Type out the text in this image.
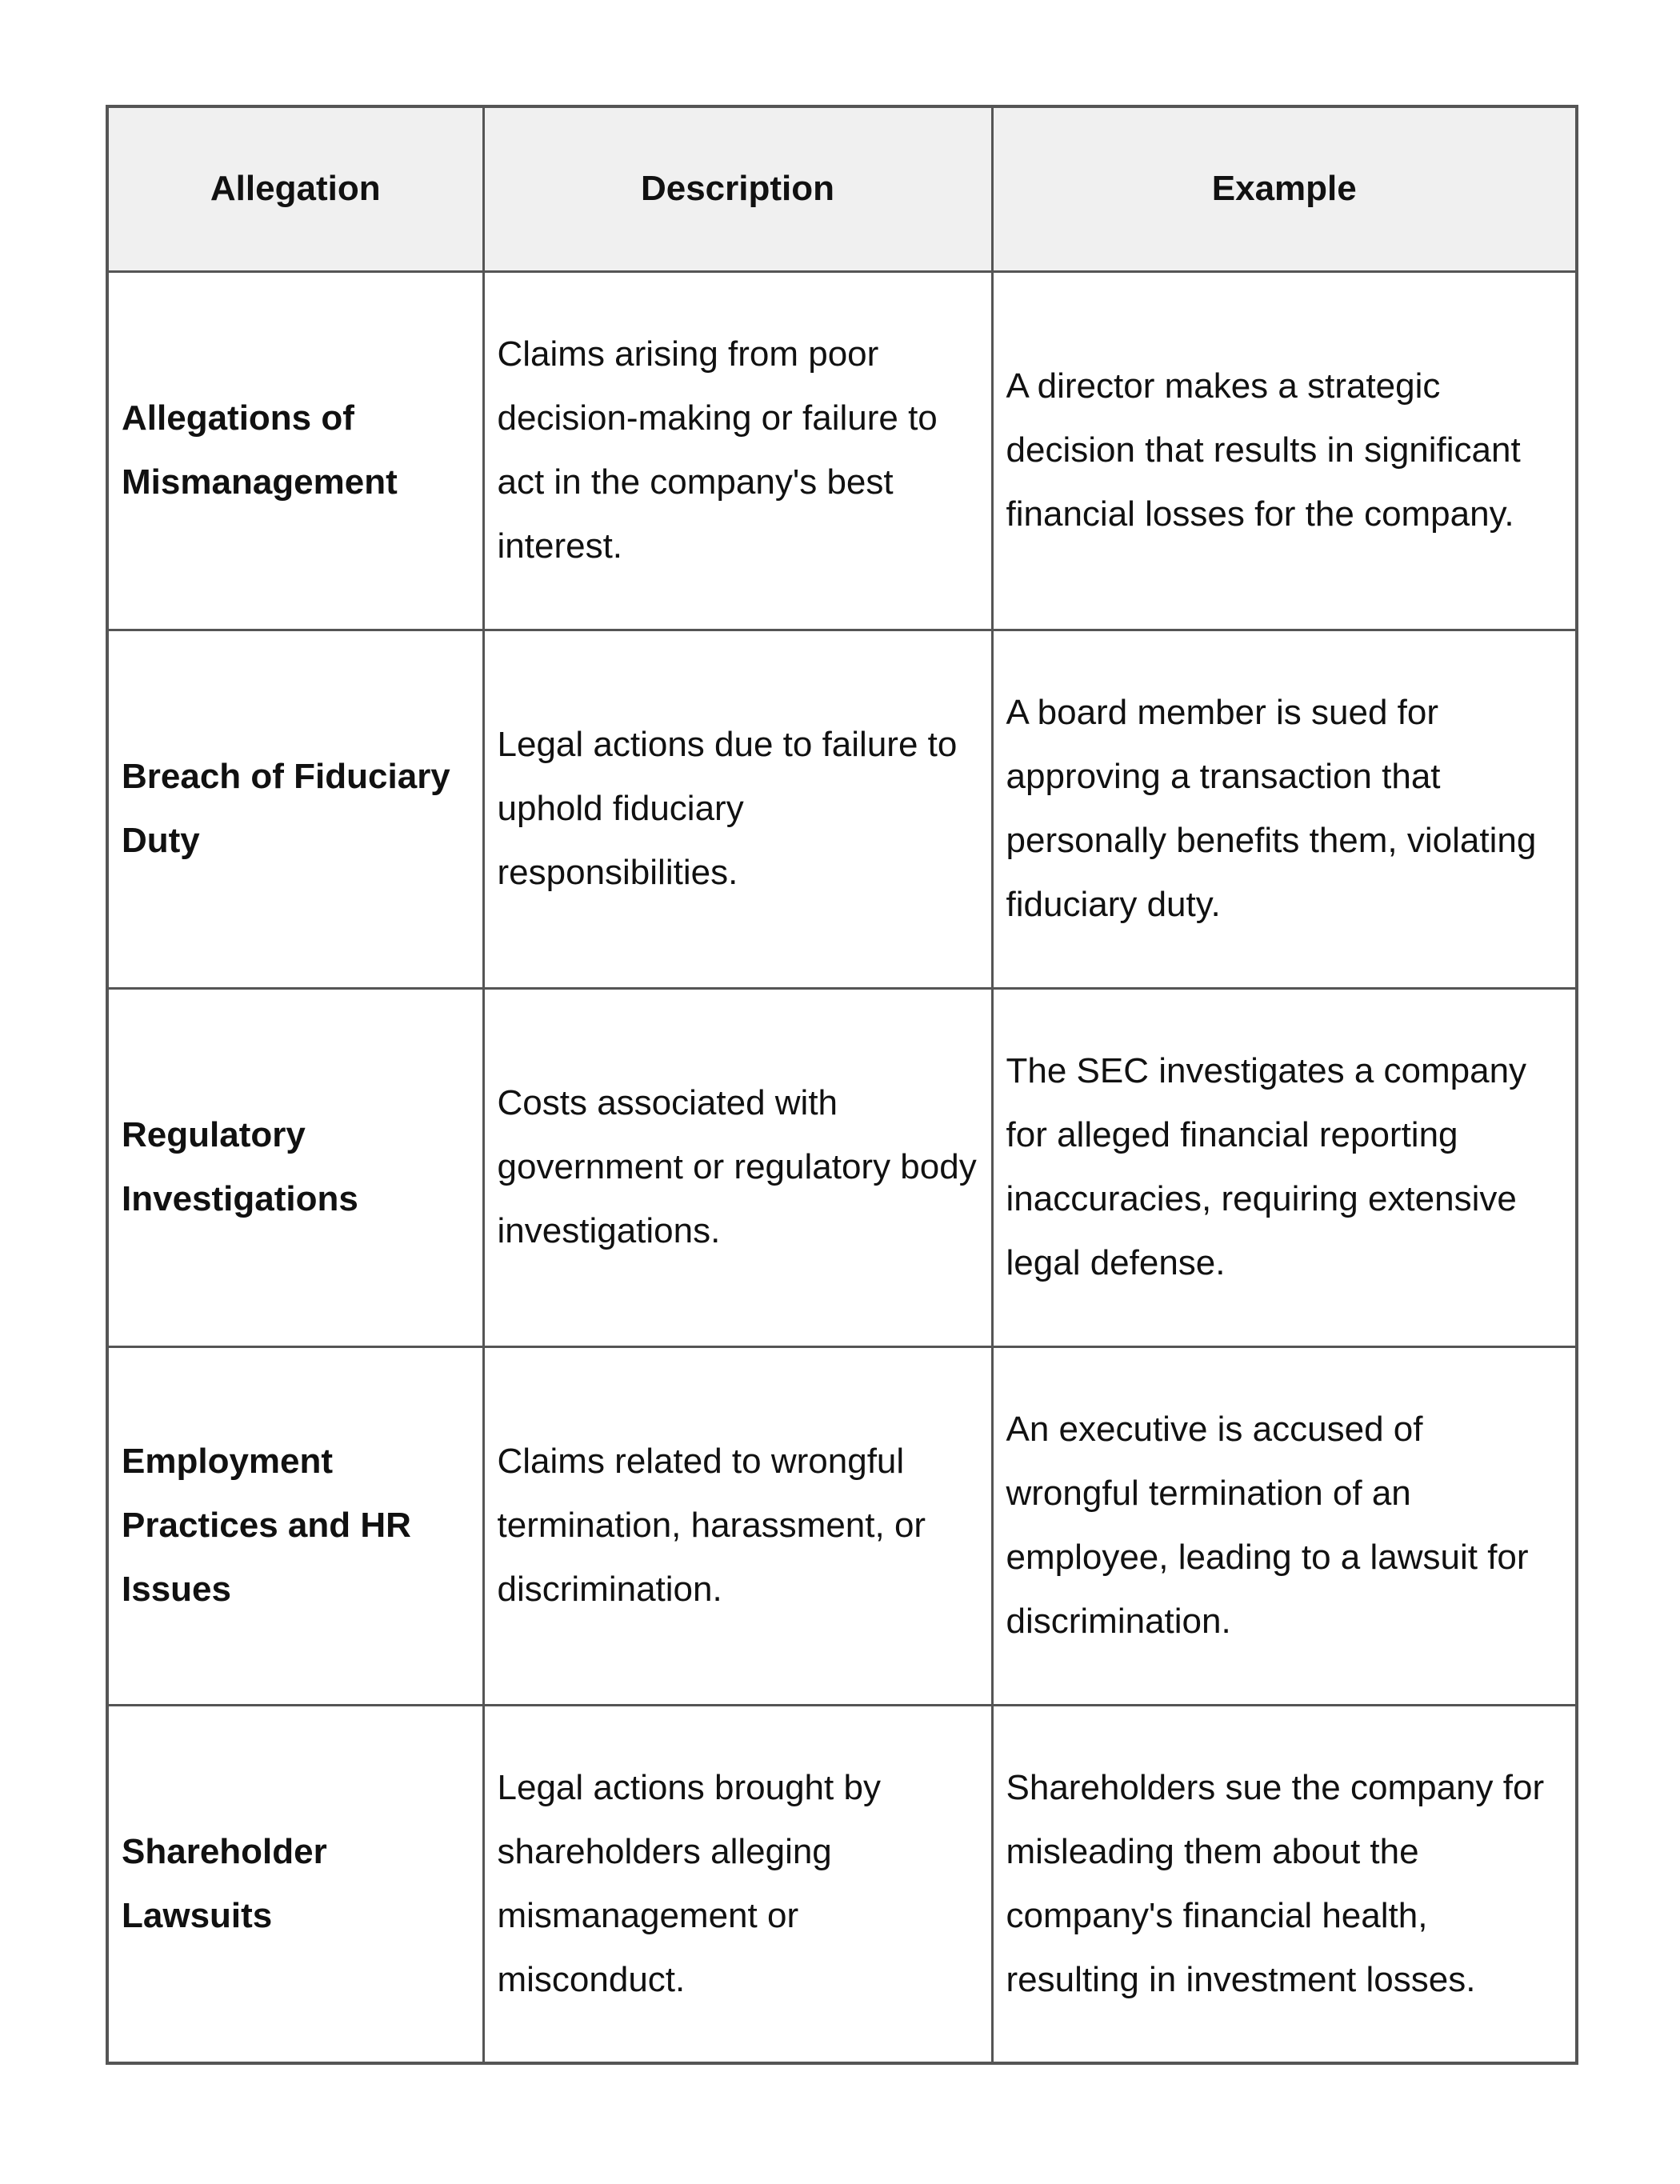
Allegation	Description	Example
Allegations of Mismanagement	Claims arising from poor decision-making or failure to act in the company's best interest.	A director makes a strategic decision that results in significant financial losses for the company.
Breach of Fiduciary Duty	Legal actions due to failure to uphold fiduciary responsibilities.	A board member is sued for approving a transaction that personally benefits them, violating fiduciary duty.
Regulatory Investigations	Costs associated with government or regulatory body investigations.	The SEC investigates a company for alleged financial reporting inaccuracies, requiring extensive legal defense.
Employment Practices and HR Issues	Claims related to wrongful termination, harassment, or discrimination.	An executive is accused of wrongful termination of an employee, leading to a lawsuit for discrimination.
Shareholder Lawsuits	Legal actions brought by shareholders alleging mismanagement or misconduct.	Shareholders sue the company for misleading them about the company's financial health, resulting in investment losses.
